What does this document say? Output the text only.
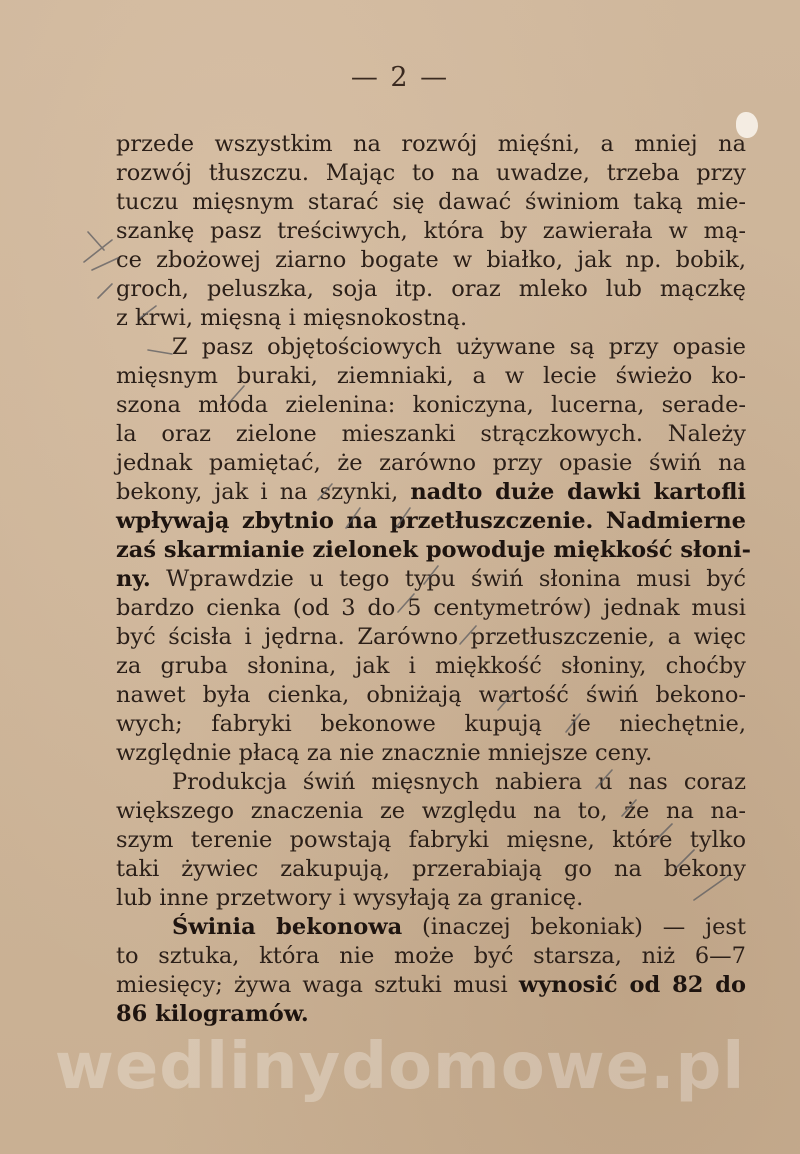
— 2 —
przede wszystkim na rozwój mięśni, a mniej na
rozwój tłuszczu. Mając to na uwadze, trzeba przy
tuczu mięsnym starać się dawać świniom taką mie-
szankę pasz treściwych, która by zawierała w mą-
ce zbożowej ziarno bogate w białko, jak np. bobik,
groch, peluszka, soja itp. oraz mleko lub mączkę
z krwi, mięsną i mięsnokostną.
Z pasz objętościowych używane są przy opasie
mięsnym buraki, ziemniaki, a w lecie świeżo ko-
szona młoda zielenina: koniczyna, lucerna, serade-
la oraz zielone mieszanki strączkowych. Należy
jednak pamiętać, że zarówno przy opasie świń na
bekony, jak i na szynki, nadto duże dawki kartofli
wpływają zbytnio na przetłuszczenie. Nadmierne
zaś skarmianie zielonek powoduje miękkość słoni-
ny. Wprawdzie u tego typu świń słonina musi być
bardzo cienka (od 3 do 5 centymetrów) jednak musi
być ścisła i jędrna. Zarówno przetłuszczenie, a więc
za gruba słonina, jak i miękkość słoniny, choćby
nawet była cienka, obniżają wartość świń bekono-
wych; fabryki bekonowe kupują je niechętnie,
względnie płacą za nie znacznie mniejsze ceny.
Produkcja świń mięsnych nabiera u nas coraz
większego znaczenia ze względu na to, że na na-
szym terenie powstają fabryki mięsne, które tylko
taki żywiec zakupują, przerabiają go na bekony
lub inne przetwory i wysyłają za granicę.
Świnia bekonowa (inaczej bekoniak) — jest
to sztuka, która nie może być starsza, niż 6—7
miesięcy; żywa waga sztuki musi wynosić od 82 do
86 kilogramów.
wedlinydomowe.pl
